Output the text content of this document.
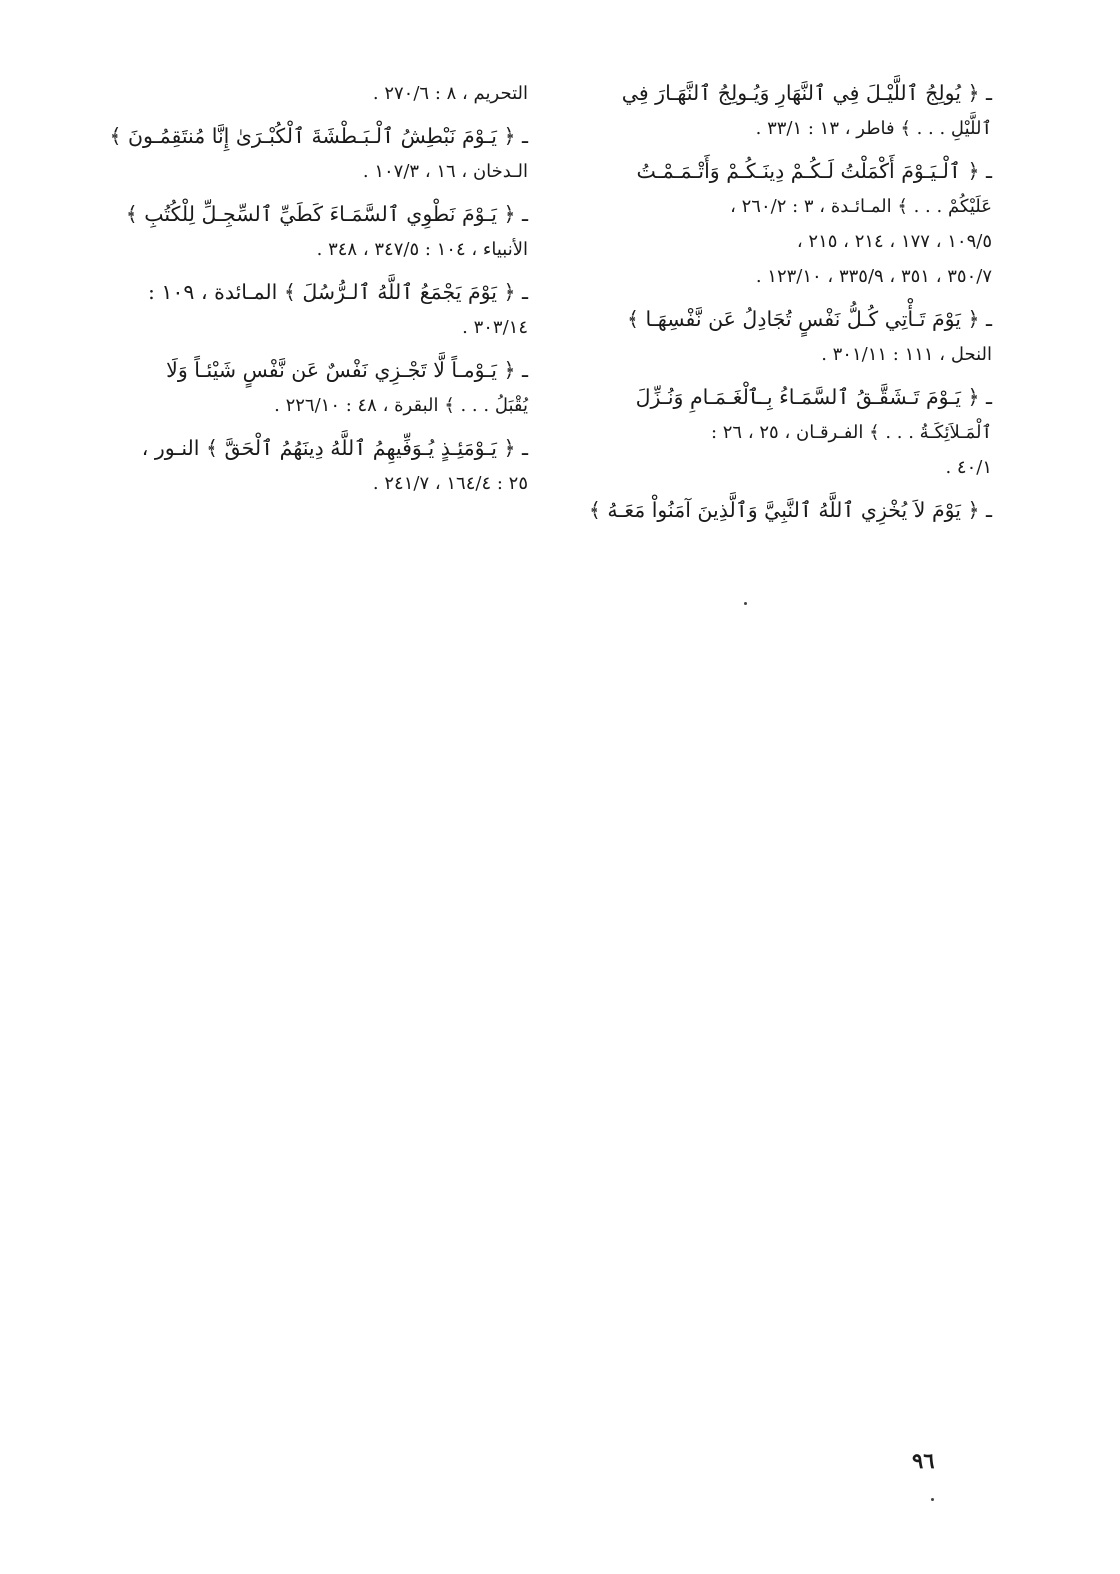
ـ ﴿ يُولِجُ ٱللَّيْـلَ فِي ٱلنَّهَارِ وَيُـولِجُ ٱلنَّهَـارَ فِي

ٱللَّيْلِ . . . ﴾ فاطر ، ١٣ : ٣٣/١ .

ـ ﴿ ٱلْـيَـوْمَ أَكْمَلْتُ لَـكُـمْ دِينَـكُـمْ وَأَتْـمَـمْـتُ

عَلَيْكُمْ . . . ﴾ المـائـدة ، ٣ : ٢٦٠/٢ ،

١٠٩/٥ ، ١٧٧ ، ٢١٤ ، ٢١٥ ،

٣٥٠/٧ ، ٣٥١ ، ٣٣٥/٩ ، ١٢٣/١٠ .

ـ ﴿ يَوْمَ تَـأْتِي كُـلُّ نَفْسٍ تُجَادِلُ عَن نَّفْسِهَـا ﴾

النحل ، ١١١ : ٣٠١/١١ .

ـ ﴿ يَـوْمَ تَـشَقَّـقُ ٱلسَّمَـاءُ بِـٱلْغَـمَـامِ وَنُـزِّلَ

ٱلْمَـلاَئِكَـةُ . . . ﴾ الفـرقـان ، ٢٥ ، ٢٦ :

٤٠/١ .

ـ ﴿ يَوْمَ لاَ يُخْزِي ٱللَّهُ ٱلنَّبِيَّ وَٱلَّذِينَ آمَنُواْ مَعَـهُ ﴾

التحريم ، ٨ : ٢٧٠/٦ .

ـ ﴿ يَـوْمَ نَبْطِشُ ٱلْـبَـطْشَةَ ٱلْكُبْـرَىٰ إِنَّا مُنتَقِمُـونَ ﴾

الـدخان ، ١٦ ، ١٠٧/٣ .

ـ ﴿ يَـوْمَ نَطْوِي ٱلسَّمَـاءَ كَطَيِّ ٱلسِّجِـلِّ لِلْكُتُبِ ﴾

الأنبياء ، ١٠٤ : ٣٤٧/٥ ، ٣٤٨ .

ـ ﴿ يَوْمَ يَجْمَعُ ٱللَّهُ ٱلـرُّسُلَ ﴾ المـائدة ، ١٠٩ :

٣٠٣/١٤ .

ـ ﴿ يَـوْمـاً لَّا تَجْـزِي نَفْسٌ عَن نَّفْسٍ شَيْئـاً وَلَا

يُقْبَلُ . . . ﴾ البقرة ، ٤٨ : ٢٢٦/١٠ .

ـ ﴿ يَـوْمَئِـذٍ يُـوَفِّيهِمُ ٱللَّهُ دِينَهُمُ ٱلْحَقَّ ﴾ النـور ،

٢٥ : ١٦٤/٤ ، ٢٤١/٧ .

٩٦
